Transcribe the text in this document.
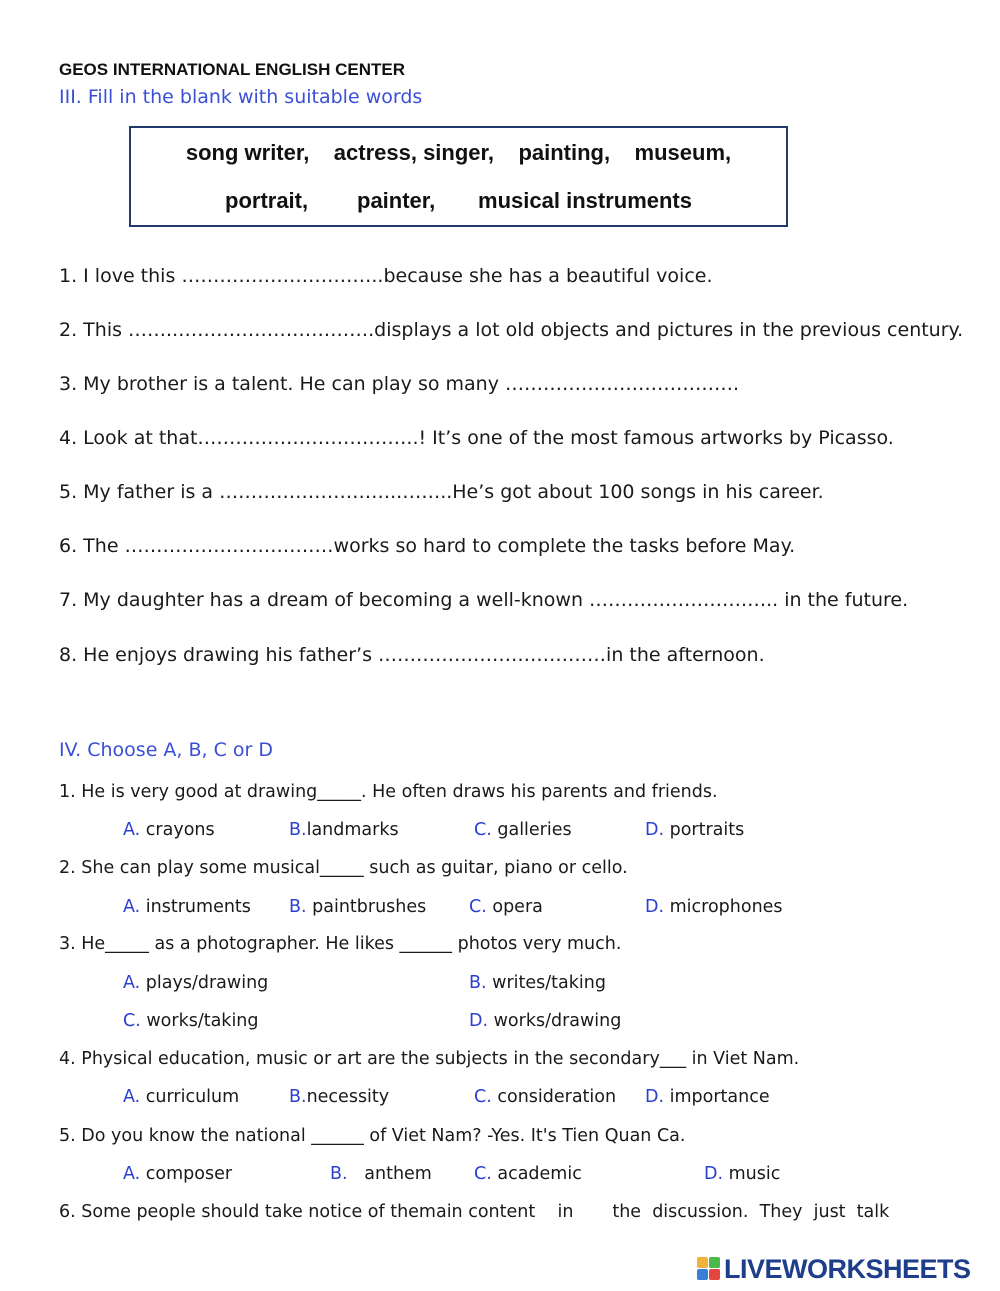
GEOS INTERNATIONAL ENGLISH CENTER
III. Fill in the blank with suitable words
song writer,    actress, singer,    painting,    museum,
portrait,        painter,       musical instruments
1. I love this …………………………..because she has a beautiful voice.
2. This ……..………………………….displays a lot old objects and pictures in the previous century.
3. My brother is a talent. He can play so many ……………………………….
4. Look at that……………………………..! It’s one of the most famous artworks by Picasso.
5. My father is a ………………………..……..He’s got about 100 songs in his career.
6. The ……………………………works so hard to complete the tasks before May.
7. My daughter has a dream of becoming a well-known …………………….….. in the future.
8. He enjoys drawing his father’s ………………………………in the afternoon.
IV. Choose A, B, C or D
1. He is very good at drawing_____. He often draws his parents and friends.
A. crayons	B.landmarks	C. galleries	D. portraits
2. She can play some musical_____ such as guitar, piano or cello.
A. instruments B. paintbrushes C. opera	D. microphones
3. He_____ as a photographer. He likes ______ photos very much.
A. plays/drawing	B. writes/taking
C. works/taking	D. works/drawing
4. Physical education, music or art are the subjects in the secondary___ in Viet Nam.
A. curriculum	B.necessity	C. consideration D. importance
5. Do you know the national ______ of Viet Nam? -Yes. It's Tien Quan Ca.
A. composer	B.   anthem C. academic	D. music
6. Some people should take notice of themain content    in       the  discussion.  They  just  talk
LIVEWORKSHEETS
